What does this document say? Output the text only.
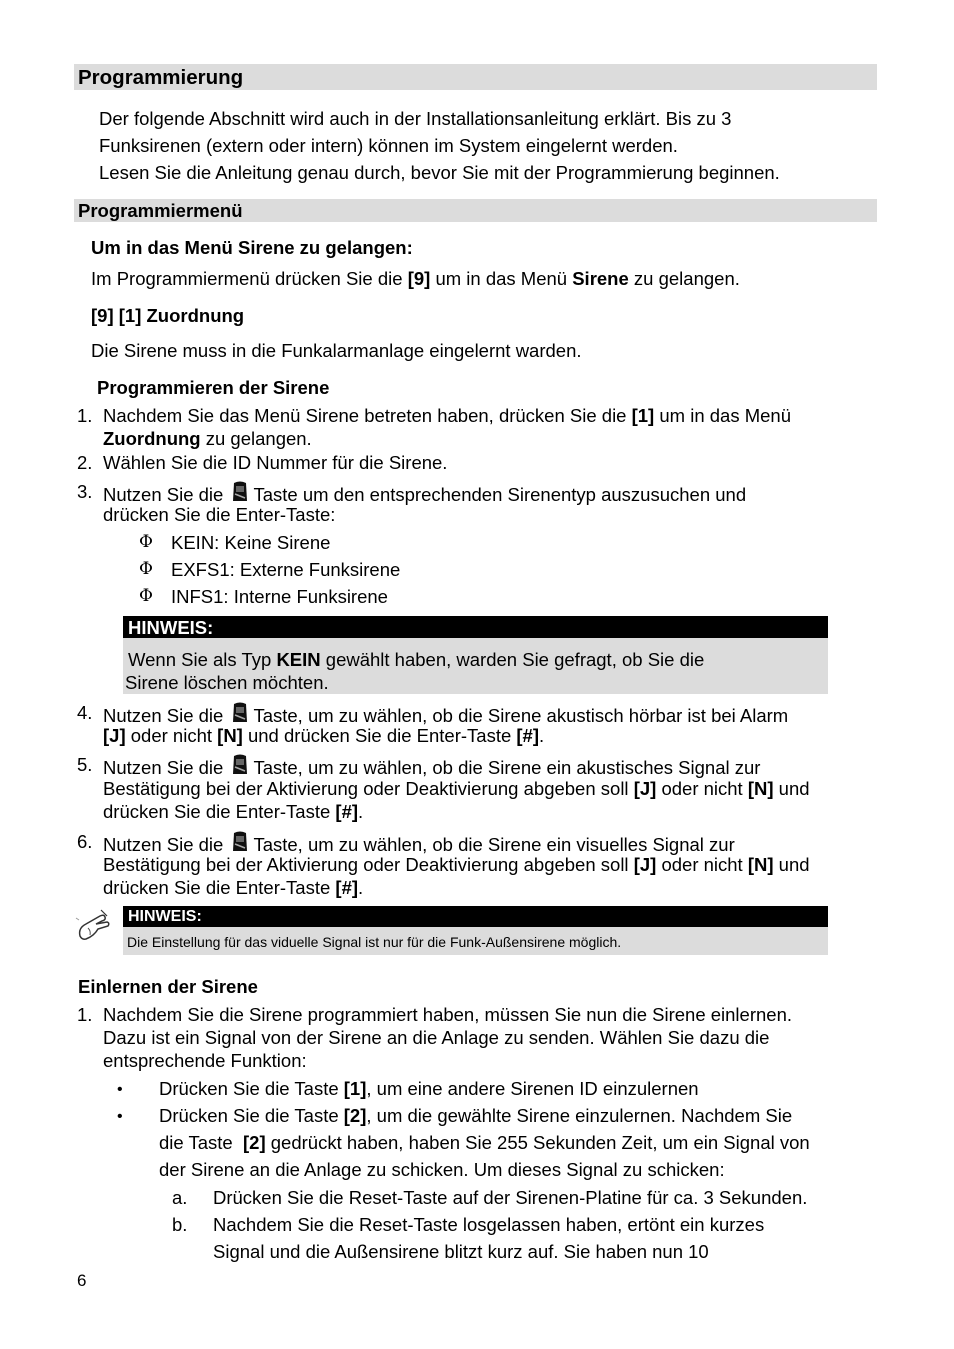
Programmierung
Der folgende Abschnitt wird auch in der Installationsanleitung erklärt. Bis zu 3
Funksirenen (extern oder intern) können im System eingelernt werden.
Lesen Sie die Anleitung genau durch, bevor Sie mit der Programmierung beginnen.
Programmiermenü
Um in das Menü Sirene zu gelangen:
Im Programmiermenü drücken Sie die [9] um in das Menü Sirene zu gelangen.
[9] [1] Zuordnung
Die Sirene muss in die Funkalarmanlage eingelernt warden.
Programmieren der Sirene
1. Nachdem Sie das Menü Sirene betreten haben, drücken Sie die [1] um in das Menü
Zuordnung zu gelangen.
2. Wählen Sie die ID Nummer für die Sirene.
3. Nutzen Sie die Taste um den entsprechenden Sirenentyp auszusuchen und
drücken Sie die Enter-Taste:
Φ KEIN: Keine Sirene
Φ EXFS1: Externe Funksirene
Φ INFS1: Interne Funksirene
HINWEIS:
Wenn Sie als Typ KEIN gewählt haben, warden Sie gefragt, ob Sie die
Sirene löschen möchten.
4. Nutzen Sie die Taste, um zu wählen, ob die Sirene akustisch hörbar ist bei Alarm
[J] oder nicht [N] und drücken Sie die Enter-Taste [#].
5. Nutzen Sie die Taste, um zu wählen, ob die Sirene ein akustisches Signal zur
Bestätigung bei der Aktivierung oder Deaktivierung abgeben soll [J] oder nicht [N] und
drücken Sie die Enter-Taste [#].
6. Nutzen Sie die Taste, um zu wählen, ob die Sirene ein visuelles Signal zur
Bestätigung bei der Aktivierung oder Deaktivierung abgeben soll [J] oder nicht [N] und
drücken Sie die Enter-Taste [#].
HINWEIS:
Die Einstellung für das viduelle Signal ist nur für die Funk-Außensirene möglich.
Einlernen der Sirene
1. Nachdem Sie die Sirene programmiert haben, müssen Sie nun die Sirene einlernen.
Dazu ist ein Signal von der Sirene an die Anlage zu senden. Wählen Sie dazu die
entsprechende Funktion:
• Drücken Sie die Taste [1], um eine andere Sirenen ID einzulernen
• Drücken Sie die Taste [2], um die gewählte Sirene einzulernen. Nachdem Sie
die Taste  [2] gedrückt haben, haben Sie 255 Sekunden Zeit, um ein Signal von
der Sirene an die Anlage zu schicken. Um dieses Signal zu schicken:
a. Drücken Sie die Reset-Taste auf der Sirenen-Platine für ca. 3 Sekunden.
b. Nachdem Sie die Reset-Taste losgelassen haben, ertönt ein kurzes
Signal und die Außensirene blitzt kurz auf. Sie haben nun 10
6
